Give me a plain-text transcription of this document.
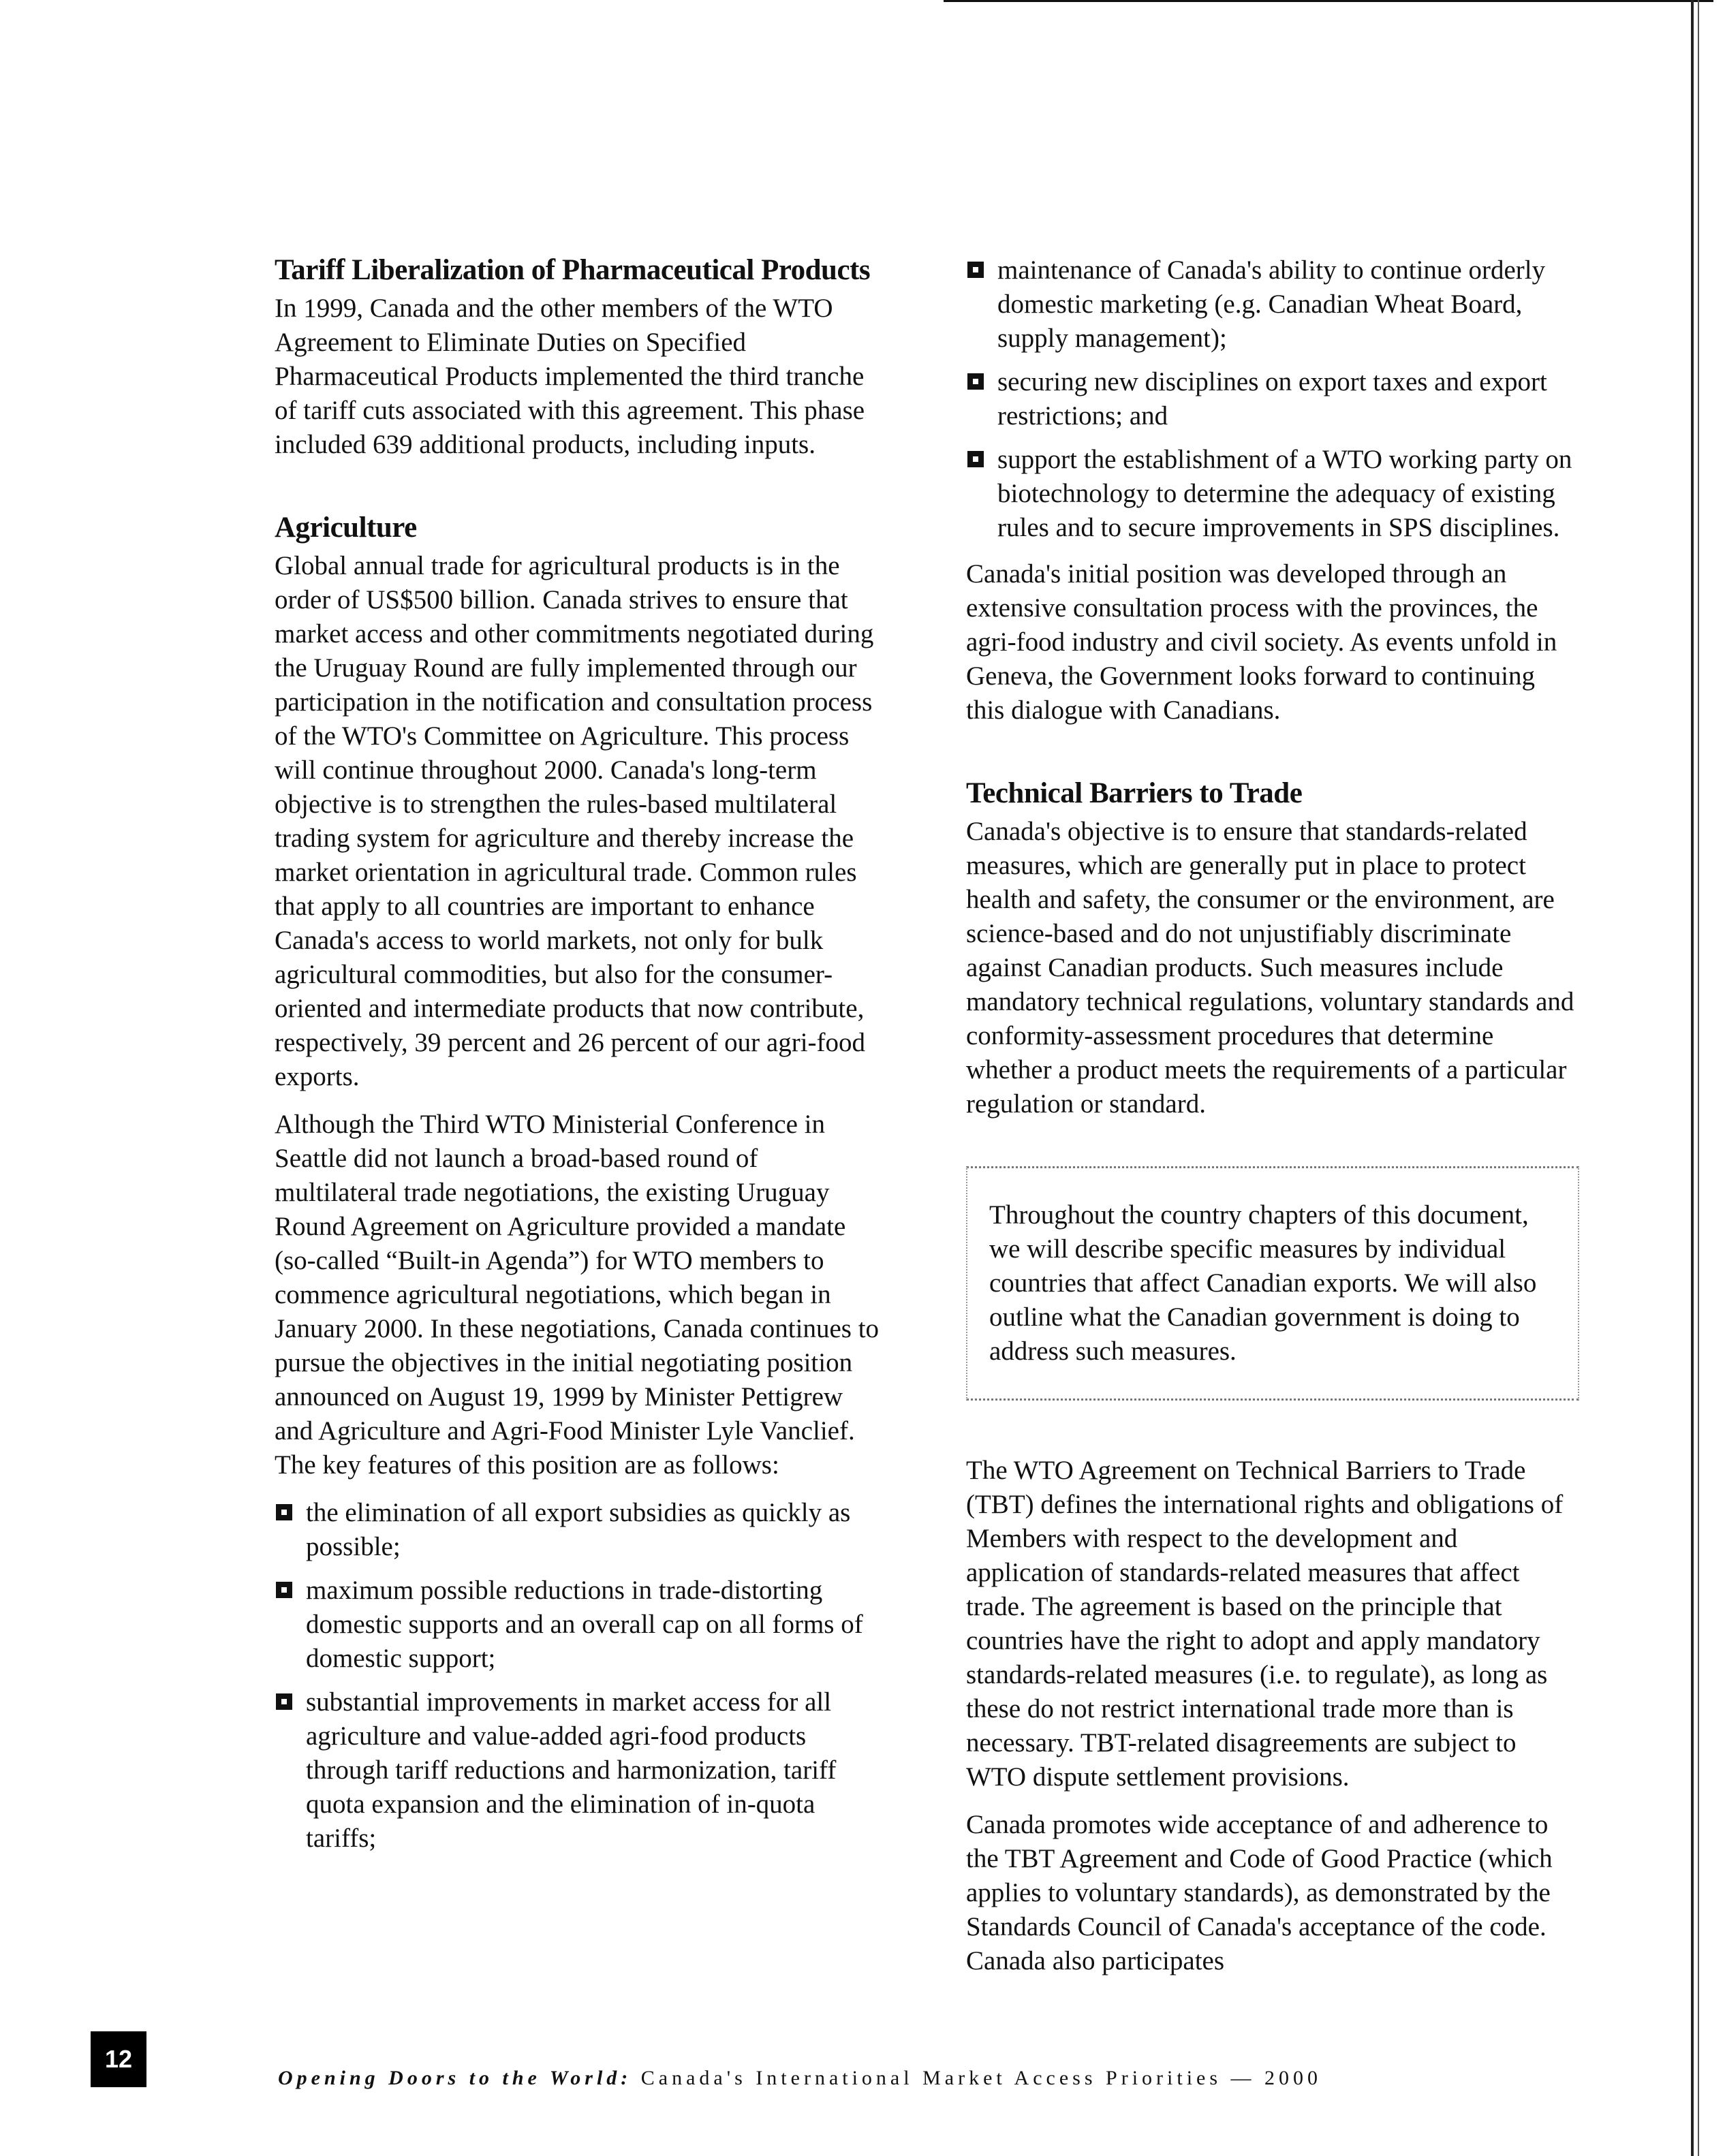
Tariff Liberalization of Pharmaceutical Products

In 1999, Canada and the other members of the WTO Agreement to Eliminate Duties on Specified Pharmaceutical Products implemented the third tranche of tariff cuts associated with this agreement. This phase included 639 additional products, including inputs.

Agriculture

Global annual trade for agricultural products is in the order of US$500 billion. Canada strives to ensure that market access and other commitments negotiated during the Uruguay Round are fully implemented through our participation in the notification and consultation process of the WTO's Committee on Agriculture. This process will continue throughout 2000. Canada's long-term objective is to strengthen the rules-based multilateral trading system for agriculture and thereby increase the market orientation in agricultural trade. Common rules that apply to all countries are important to enhance Canada's access to world markets, not only for bulk agricultural commodities, but also for the consumer-oriented and intermediate products that now contribute, respectively, 39 percent and 26 percent of our agri-food exports.

Although the Third WTO Ministerial Conference in Seattle did not launch a broad-based round of multilateral trade negotiations, the existing Uruguay Round Agreement on Agriculture provided a mandate (so-called “Built-in Agenda”) for WTO members to commence agricultural negotiations, which began in January 2000. In these negotiations, Canada continues to pursue the objectives in the initial negotiating position announced on August 19, 1999 by Minister Pettigrew and Agriculture and Agri-Food Minister Lyle Vanclief. The key features of this position are as follows:

the elimination of all export subsidies as quickly as possible;
maximum possible reductions in trade-distorting domestic supports and an overall cap on all forms of domestic support;
substantial improvements in market access for all agriculture and value-added agri-food products through tariff reductions and harmonization, tariff quota expansion and the elimination of in-quota tariffs;
maintenance of Canada's ability to continue orderly domestic marketing (e.g. Canadian Wheat Board, supply management);
securing new disciplines on export taxes and export restrictions; and
support the establishment of a WTO working party on biotechnology to determine the adequacy of existing rules and to secure improvements in SPS disciplines.

Canada's initial position was developed through an extensive consultation process with the provinces, the agri-food industry and civil society. As events unfold in Geneva, the Government looks forward to continuing this dialogue with Canadians.

Technical Barriers to Trade

Canada's objective is to ensure that standards-related measures, which are generally put in place to protect health and safety, the consumer or the environment, are science-based and do not unjustifiably discriminate against Canadian products. Such measures include mandatory technical regulations, voluntary standards and conformity-assessment procedures that determine whether a product meets the requirements of a particular regulation or standard.

Throughout the country chapters of this document, we will describe specific measures by individual countries that affect Canadian exports. We will also outline what the Canadian government is doing to address such measures.

The WTO Agreement on Technical Barriers to Trade (TBT) defines the international rights and obligations of Members with respect to the development and application of standards-related measures that affect trade. The agreement is based on the principle that countries have the right to adopt and apply mandatory standards-related measures (i.e. to regulate), as long as these do not restrict international trade more than is necessary. TBT-related disagreements are subject to WTO dispute settlement provisions.

Canada promotes wide acceptance of and adherence to the TBT Agreement and Code of Good Practice (which applies to voluntary standards), as demonstrated by the Standards Council of Canada's acceptance of the code. Canada also participates

12
Opening Doors to the World: Canada's International Market Access Priorities — 2000
